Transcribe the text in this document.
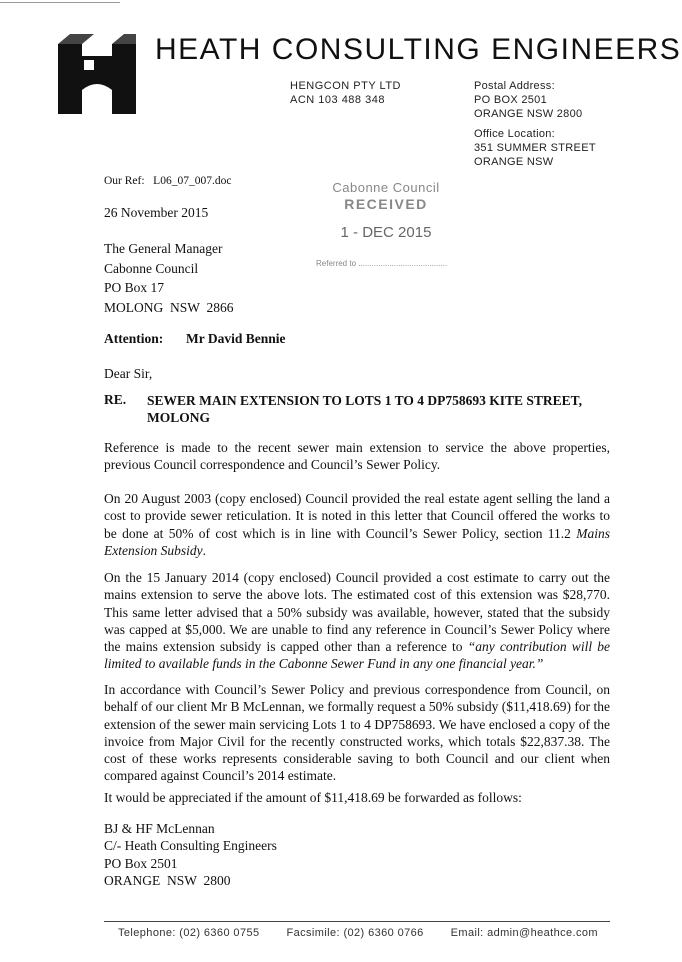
HEATH CONSULTING ENGINEERS
HENGCON PTY LTD
ACN 103 488 348
Postal Address:
PO BOX 2501
ORANGE NSW 2800
Office Location:
351 SUMMER STREET
ORANGE NSW
Our Ref:   L06_07_007.doc
26 November 2015
Cabonne Council
RECEIVED
1 - DEC 2015
Referred to ........................................
The General Manager
Cabonne Council
PO Box 17
MOLONG  NSW  2866
Attention: Mr David Bennie
Dear Sir,
RE. SEWER MAIN EXTENSION TO LOTS 1 TO 4 DP758693 KITE STREET, MOLONG
Reference is made to the recent sewer main extension to service the above properties, previous Council correspondence and Council’s Sewer Policy.
On 20 August 2003 (copy enclosed) Council provided the real estate agent selling the land a cost to provide sewer reticulation. It is noted in this letter that Council offered the works to be done at 50% of cost which is in line with Council’s Sewer Policy, section 11.2 Mains Extension Subsidy.
On the 15 January 2014 (copy enclosed) Council provided a cost estimate to carry out the mains extension to serve the above lots. The estimated cost of this extension was $28,770. This same letter advised that a 50% subsidy was available, however, stated that the subsidy was capped at $5,000. We are unable to find any reference in Council’s Sewer Policy where the mains extension subsidy is capped other than a reference to “any contribution will be limited to available funds in the Cabonne Sewer Fund in any one financial year.”
In accordance with Council’s Sewer Policy and previous correspondence from Council, on behalf of our client Mr B McLennan, we formally request a 50% subsidy ($11,418.69) for the extension of the sewer main servicing Lots 1 to 4 DP758693. We have enclosed a copy of the invoice from Major Civil for the recently constructed works, which totals $22,837.38. The cost of these works represents considerable saving to both Council and our client when compared against Council’s 2014 estimate.
It would be appreciated if the amount of $11,418.69 be forwarded as follows:
BJ & HF McLennan
C/- Heath Consulting Engineers
PO Box 2501
ORANGE  NSW  2800
Telephone: (02) 6360 0755 Facsimile: (02) 6360 0766 Email: admin@heathce.com
